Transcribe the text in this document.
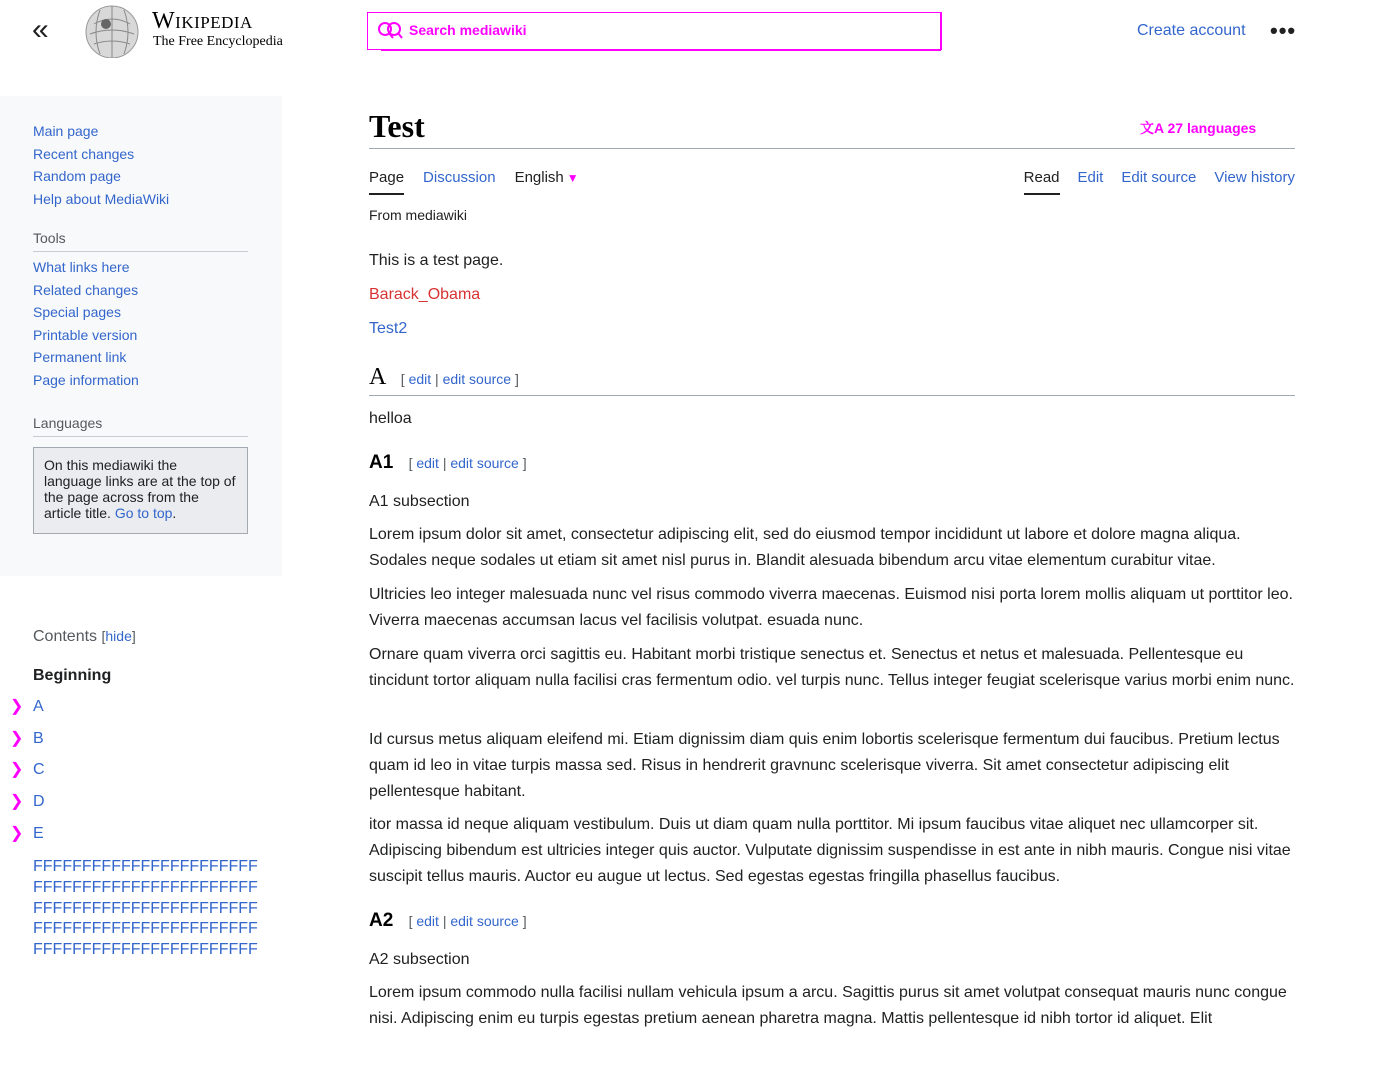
«	Wikipedia
The Free Encyclopedia
Search mediawiki	Create account •••
Main page
Recent changes
Random page
Help about MediaWiki
Tools
What links here
Related changes
Special pages
Printable version
Permanent link
Page information
Languages
On this mediawiki the language links are at the top of the page across from the article title. Go to top.
Contents [hide]
Beginning
❯ A
❯ B
❯ C
❯ D
❯ E
FFFFFFFFFFFFFFFFFFFFFFF
FFFFFFFFFFFFFFFFFFFFFFF
FFFFFFFFFFFFFFFFFFFFFFF
FFFFFFFFFFFFFFFFFFFFFFF
FFFFFFFFFFFFFFFFFFFFFFF
Test	文A 27 languages
Page Discussion English ▼	Read Edit Edit source View history
From mediawiki
This is a test page.
Barack_Obama
Test2
A [ edit | edit source ]
helloa
A1 [ edit | edit source ]
A1 subsection
Lorem ipsum dolor sit amet, consectetur adipiscing elit, sed do eiusmod tempor incididunt ut labore et dolore magna aliqua. Sodales neque sodales ut etiam sit amet nisl purus in. Blandit alesuada bibendum arcu vitae elementum curabitur vitae.
Ultricies leo integer malesuada nunc vel risus commodo viverra maecenas. Euismod nisi porta lorem mollis aliquam ut porttitor leo. Viverra maecenas accumsan lacus vel facilisis volutpat. esuada nunc.
Ornare quam viverra orci sagittis eu. Habitant morbi tristique senectus et. Senectus et netus et malesuada. Pellentesque eu tincidunt tortor aliquam nulla facilisi cras fermentum odio. vel turpis nunc. Tellus integer feugiat scelerisque varius morbi enim nunc.
Id cursus metus aliquam eleifend mi. Etiam dignissim diam quis enim lobortis scelerisque fermentum dui faucibus. Pretium lectus quam id leo in vitae turpis massa sed. Risus in hendrerit gravnunc scelerisque viverra. Sit amet consectetur adipiscing elit pellentesque habitant.
itor massa id neque aliquam vestibulum. Duis ut diam quam nulla porttitor. Mi ipsum faucibus vitae aliquet nec ullamcorper sit. Adipiscing bibendum est ultricies integer quis auctor. Vulputate dignissim suspendisse in est ante in nibh mauris. Congue nisi vitae suscipit tellus mauris. Auctor eu augue ut lectus. Sed egestas egestas fringilla phasellus faucibus.
A2 [ edit | edit source ]
A2 subsection
Lorem ipsum commodo nulla facilisi nullam vehicula ipsum a arcu. Sagittis purus sit amet volutpat consequat mauris nunc congue nisi. Adipiscing enim eu turpis egestas pretium aenean pharetra magna. Mattis pellentesque id nibh tortor id aliquet. Elit
